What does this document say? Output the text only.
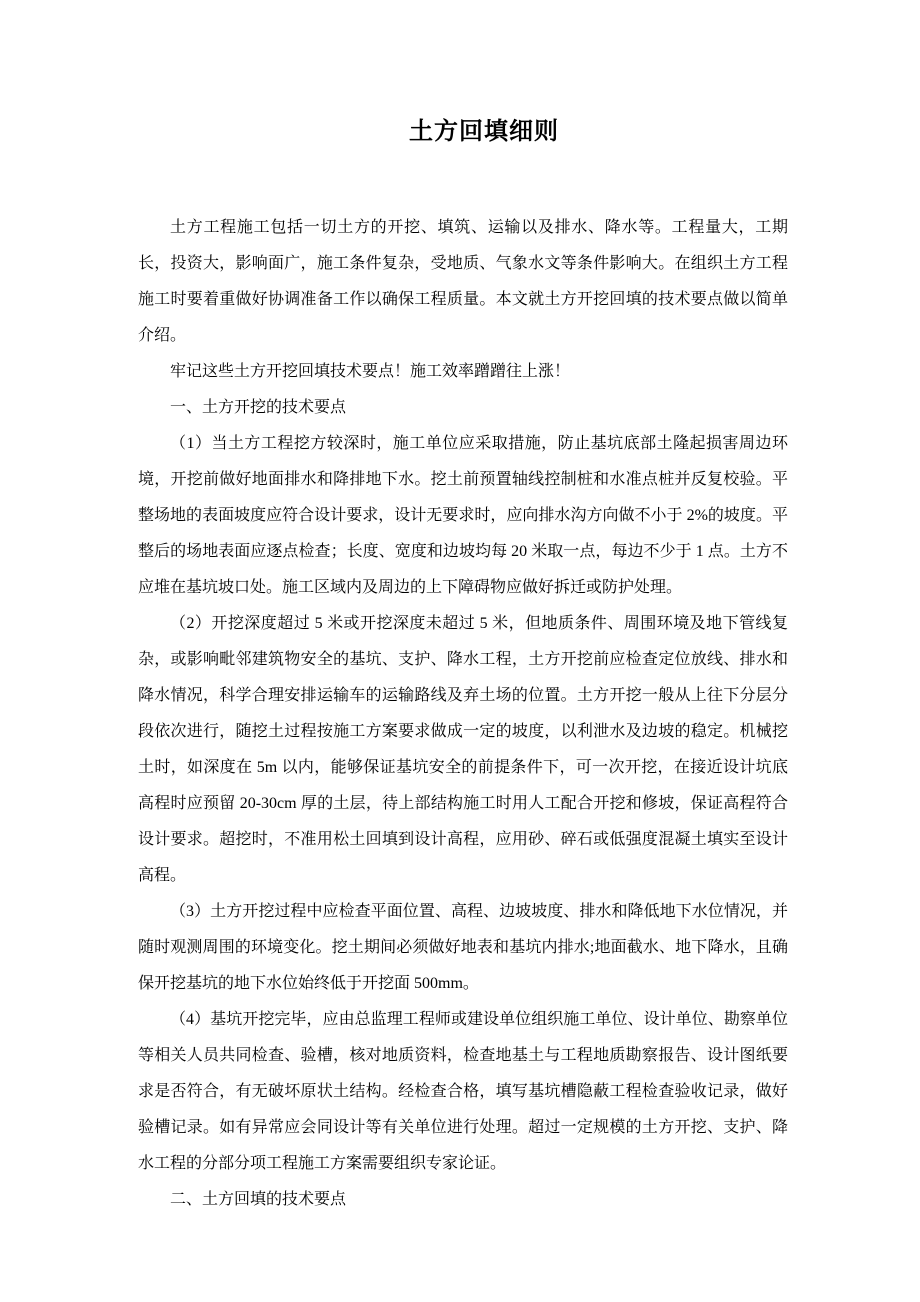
土方回填细则

土方工程施工包括一切土方的开挖、填筑、运输以及排水、降水等。工程量大，工期长，投资大，影响面广，施工条件复杂，受地质、气象水文等条件影响大。在组织土方工程施工时要着重做好协调准备工作以确保工程质量。本文就土方开挖回填的技术要点做以简单介绍。

牢记这些土方开挖回填技术要点！施工效率蹭蹭往上涨！

一、土方开挖的技术要点

（1）当土方工程挖方较深时，施工单位应采取措施，防止基坑底部土隆起损害周边环境，开挖前做好地面排水和降排地下水。挖土前预置轴线控制桩和水准点桩并反复校验。平整场地的表面坡度应符合设计要求，设计无要求时，应向排水沟方向做不小于 2%的坡度。平整后的场地表面应逐点检查；长度、宽度和边坡均每 20 米取一点，每边不少于 1 点。土方不应堆在基坑坡口处。施工区域内及周边的上下障碍物应做好拆迁或防护处理。

（2）开挖深度超过 5 米或开挖深度未超过 5 米，但地质条件、周围环境及地下管线复杂，或影响毗邻建筑物安全的基坑、支护、降水工程，土方开挖前应检查定位放线、排水和降水情况，科学合理安排运输车的运输路线及弃土场的位置。土方开挖一般从上往下分层分段依次进行，随挖土过程按施工方案要求做成一定的坡度，以利泄水及边坡的稳定。机械挖土时，如深度在 5m 以内，能够保证基坑安全的前提条件下，可一次开挖，在接近设计坑底高程时应预留 20-30cm 厚的土层，待上部结构施工时用人工配合开挖和修坡，保证高程符合设计要求。超挖时，不准用松土回填到设计高程，应用砂、碎石或低强度混凝土填实至设计高程。

（3）土方开挖过程中应检查平面位置、高程、边坡坡度、排水和降低地下水位情况，并随时观测周围的环境变化。挖土期间必须做好地表和基坑内排水;地面截水、地下降水，且确保开挖基坑的地下水位始终低于开挖面 500mm。

（4）基坑开挖完毕，应由总监理工程师或建设单位组织施工单位、设计单位、勘察单位等相关人员共同检查、验槽，核对地质资料，检查地基土与工程地质勘察报告、设计图纸要求是否符合，有无破坏原状土结构。经检查合格，填写基坑槽隐蔽工程检查验收记录，做好验槽记录。如有异常应会同设计等有关单位进行处理。超过一定规模的土方开挖、支护、降水工程的分部分项工程施工方案需要组织专家论证。

二、土方回填的技术要点
